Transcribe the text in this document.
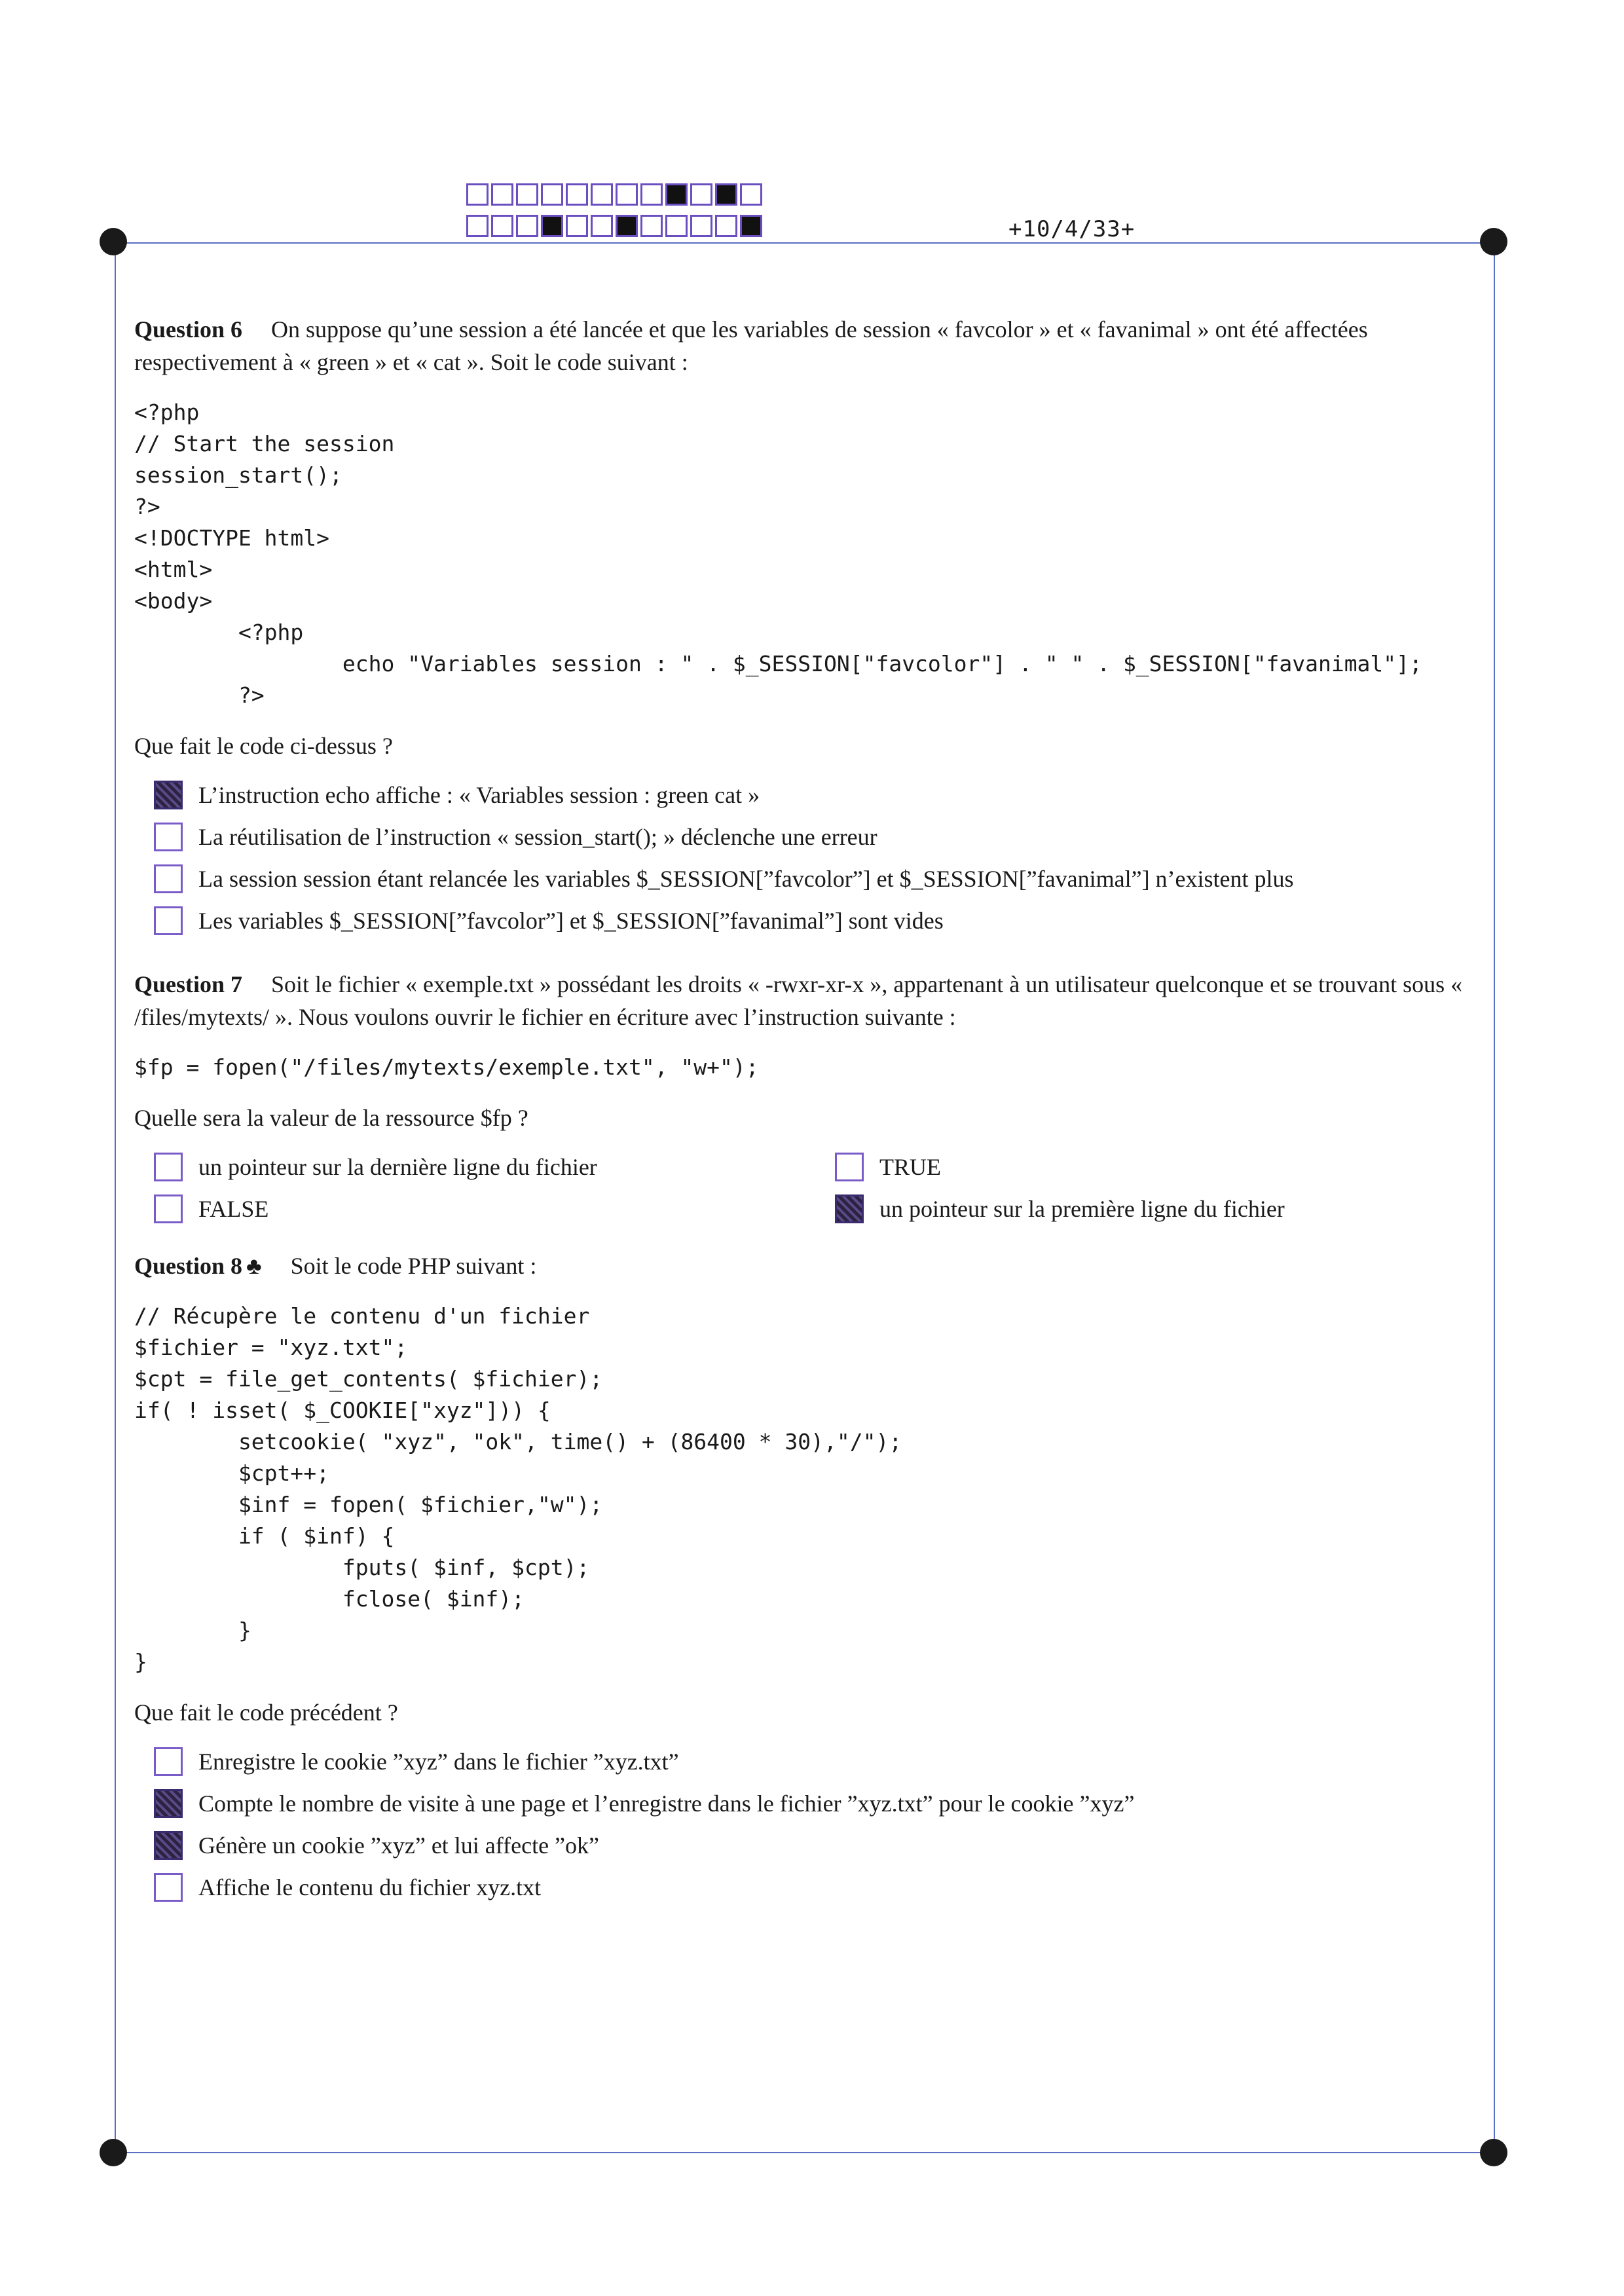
+10/4/33+
Question 6 On suppose qu’une session a été lancée et que les variables de session « favcolor » et « favanimal » ont été affectées respectivement à « green » et « cat ». Soit le code suivant :
<?php
// Start the session
session_start();
?>
<!DOCTYPE html>
<html>
<body>
<?php
echo "Variables session : " . $_SESSION["favcolor"] . " " . $_SESSION["favanimal"];
?>
Que fait le code ci-dessus ?
L’instruction echo affiche : « Variables session : green cat »
La réutilisation de l’instruction « session_start(); » déclenche une erreur
La session session étant relancée les variables $_SESSION[”favcolor”] et $_SESSION[”favanimal”] n’existent plus
Les variables $_SESSION[”favcolor”] et $_SESSION[”favanimal”] sont vides
Question 7 Soit le fichier « exemple.txt » possédant les droits « -rwxr-xr-x », appartenant à un utilisateur quelconque et se trouvant sous « /files/mytexts/ ». Nous voulons ouvrir le fichier en écriture avec l’instruction suivante :
$fp = fopen("/files/mytexts/exemple.txt", "w+");
Quelle sera la valeur de la ressource $fp ?
un pointeur sur la dernière ligne du fichier	TRUE
FALSE	un pointeur sur la première ligne du fichier
Question 8 ♣ Soit le code PHP suivant :
// Récupère le contenu d'un fichier
$fichier = "xyz.txt";
$cpt = file_get_contents( $fichier);
if( ! isset( $_COOKIE["xyz"])) {
setcookie( "xyz", "ok", time() + (86400 * 30),"/");
$cpt++;
$inf = fopen( $fichier,"w");
if ( $inf) {
fputs( $inf, $cpt);
fclose( $inf);
}
}
Que fait le code précédent ?
Enregistre le cookie ”xyz” dans le fichier ”xyz.txt”
Compte le nombre de visite à une page et l’enregistre dans le fichier ”xyz.txt” pour le cookie ”xyz”
Génère un cookie ”xyz” et lui affecte ”ok”
Affiche le contenu du fichier xyz.txt
